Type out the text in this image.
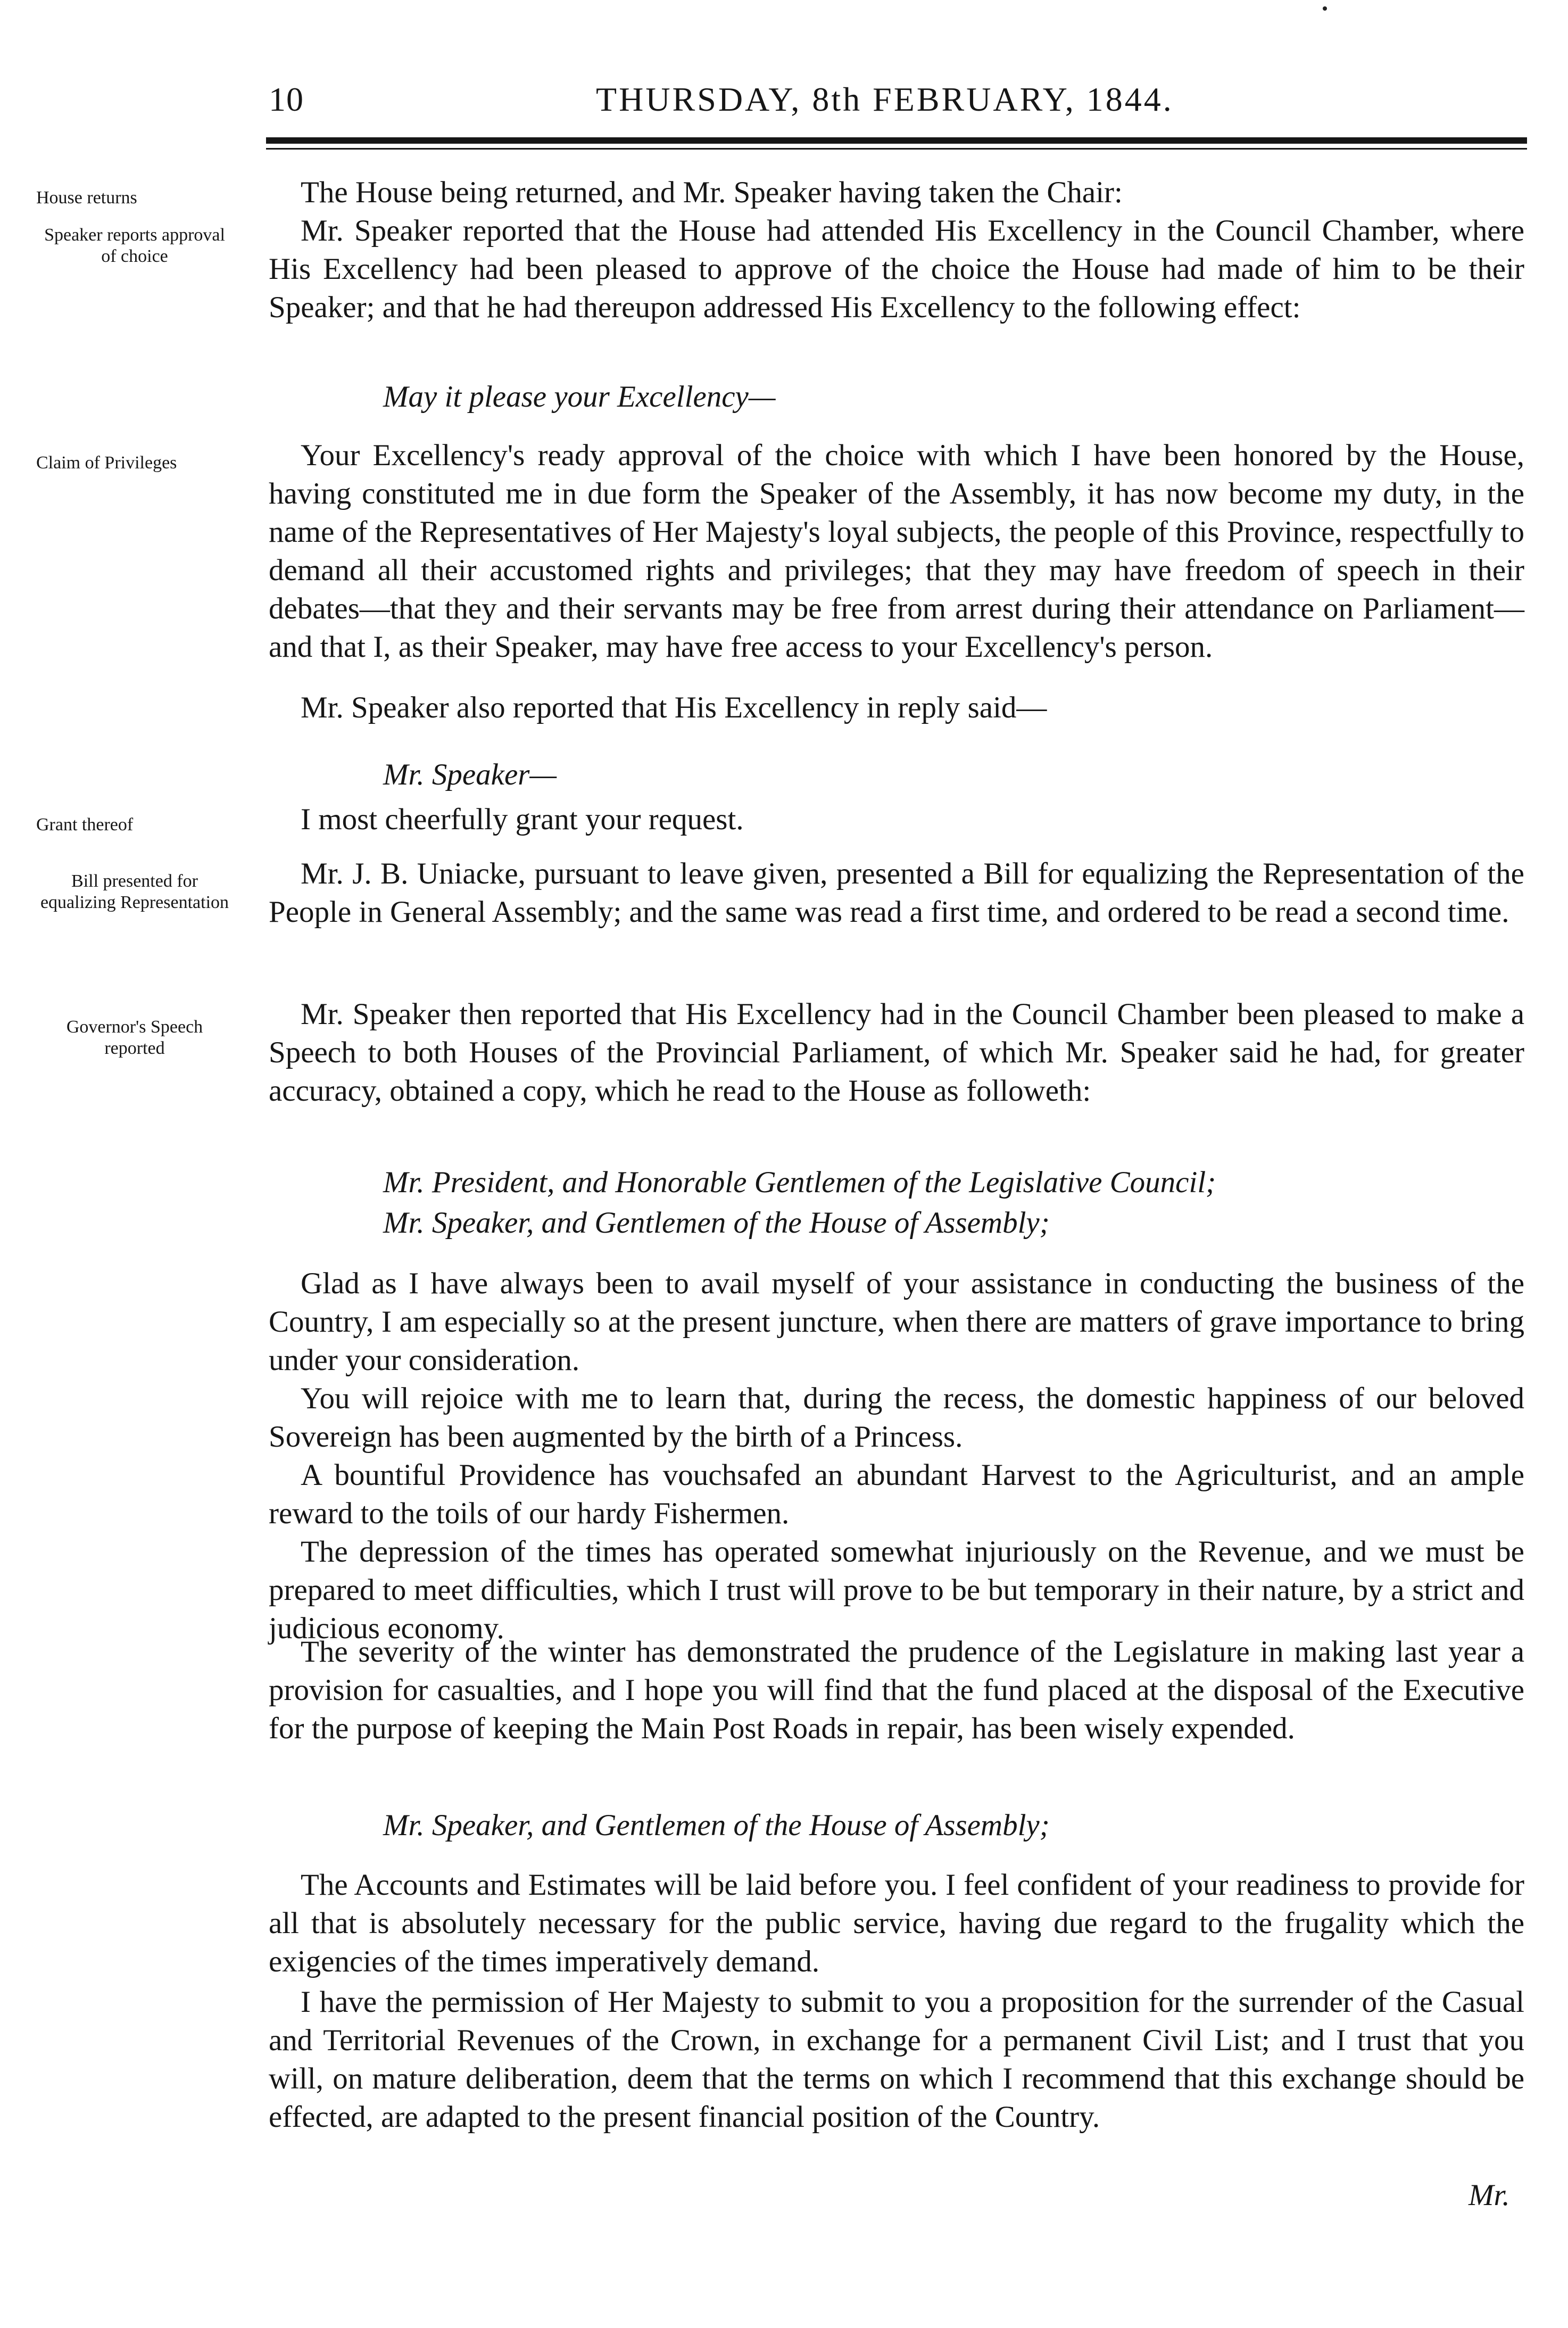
10	THURSDAY, 8th FEBRUARY, 1844.
House returns
Speaker reports approval of choice
Claim of Privileges
Grant thereof
Bill presented for equalizing Representation
Governor's Speech reported
The House being returned, and Mr. Speaker having taken the Chair:
Mr. Speaker reported that the House had attended His Excellency in the Council Chamber, where His Excellency had been pleased to approve of the choice the House had made of him to be their Speaker; and that he had thereupon addressed His Excellency to the following effect:
May it please your Excellency—
Your Excellency's ready approval of the choice with which I have been honored by the House, having constituted me in due form the Speaker of the Assembly, it has now become my duty, in the name of the Representatives of Her Majesty's loyal subjects, the people of this Province, respectfully to demand all their accustomed rights and privileges; that they may have freedom of speech in their debates—that they and their servants may be free from arrest during their attendance on Parliament—and that I, as their Speaker, may have free access to your Excellency's person.
Mr. Speaker also reported that His Excellency in reply said—
Mr. Speaker—
I most cheerfully grant your request.
Mr. J. B. Uniacke, pursuant to leave given, presented a Bill for equalizing the Representation of the People in General Assembly; and the same was read a first time, and ordered to be read a second time.
Mr. Speaker then reported that His Excellency had in the Council Chamber been pleased to make a Speech to both Houses of the Provincial Parliament, of which Mr. Speaker said he had, for greater accuracy, obtained a copy, which he read to the House as followeth:
Mr. President, and Honorable Gentlemen of the Legislative Council;
Mr. Speaker, and Gentlemen of the House of Assembly;
Glad as I have always been to avail myself of your assistance in conducting the business of the Country, I am especially so at the present juncture, when there are matters of grave importance to bring under your consideration.
You will rejoice with me to learn that, during the recess, the domestic happiness of our beloved Sovereign has been augmented by the birth of a Princess.
A bountiful Providence has vouchsafed an abundant Harvest to the Agriculturist, and an ample reward to the toils of our hardy Fishermen.
The depression of the times has operated somewhat injuriously on the Revenue, and we must be prepared to meet difficulties, which I trust will prove to be but temporary in their nature, by a strict and judicious economy.
The severity of the winter has demonstrated the prudence of the Legislature in making last year a provision for casualties, and I hope you will find that the fund placed at the disposal of the Executive for the purpose of keeping the Main Post Roads in repair, has been wisely expended.
Mr. Speaker, and Gentlemen of the House of Assembly;
The Accounts and Estimates will be laid before you. I feel confident of your readiness to provide for all that is absolutely necessary for the public service, having due regard to the frugality which the exigencies of the times imperatively demand.
I have the permission of Her Majesty to submit to you a proposition for the surrender of the Casual and Territorial Revenues of the Crown, in exchange for a permanent Civil List; and I trust that you will, on mature deliberation, deem that the terms on which I recommend that this exchange should be effected, are adapted to the present financial position of the Country.
Mr.
